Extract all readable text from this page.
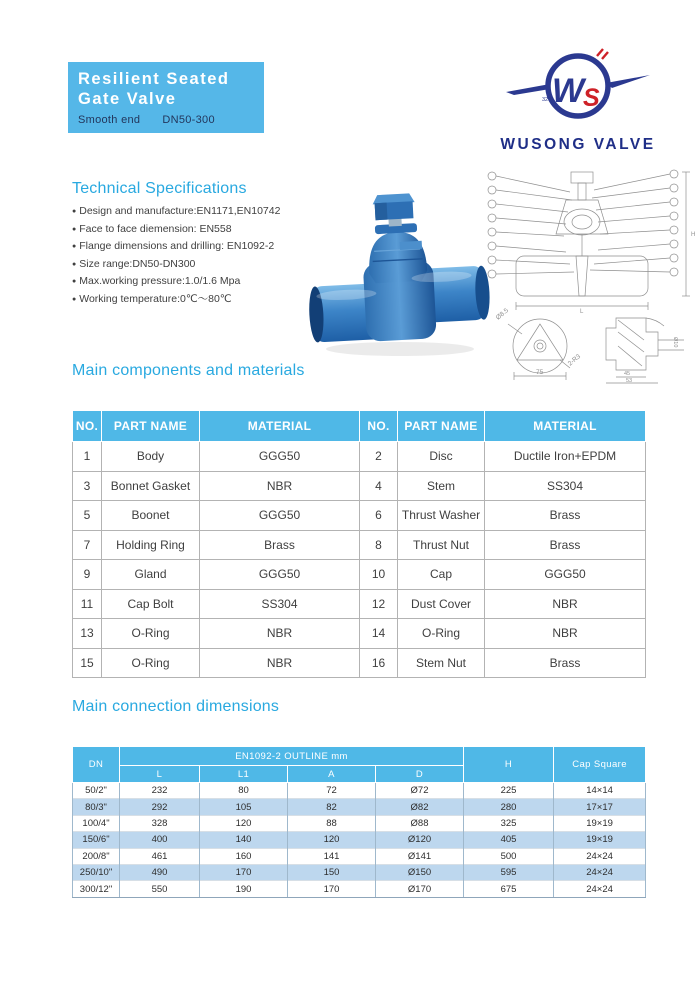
Resilient Seated
Gate Valve
Smooth end DN50-300
W
S
325
WUSONG VALVE
Technical Specifications
● Design and manufacture:EN1171,EN10742
● Face to face diemension: EN558
● Flange dimensions and drilling: EN1092-2
● Size range:DN50-DN300
● Max.working pressure:1.0/1.6 Mpa
● Working temperature:0℃～80℃
H
L
Ø8.5
2-R3
75
Ø10
45
53
Main components and materials
NO.	PART NAME	MATERIAL	NO.	PART NAME	MATERIAL
1	Body	GGG50	2	Disc	Ductile Iron+EPDM
3	Bonnet Gasket	NBR	4	Stem	SS304
5	Boonet	GGG50	6	Thrust Washer	Brass
7	Holding Ring	Brass	8	Thrust Nut	Brass
9	Gland	GGG50	10	Cap	GGG50
11	Cap Bolt	SS304	12	Dust Cover	NBR
13	O-Ring	NBR	14	O-Ring	NBR
15	O-Ring	NBR	16	Stem Nut	Brass
Main connection dimensions
DN	EN1092-2 OUTLINE mm				H	Cap Square
	L	L1	A	D		
50/2"	232	80	72	Ø72	225	14×14
80/3"	292	105	82	Ø82	280	17×17
100/4"	328	120	88	Ø88	325	19×19
150/6"	400	140	120	Ø120	405	19×19
200/8"	461	160	141	Ø141	500	24×24
250/10"	490	170	150	Ø150	595	24×24
300/12"	550	190	170	Ø170	675	24×24
